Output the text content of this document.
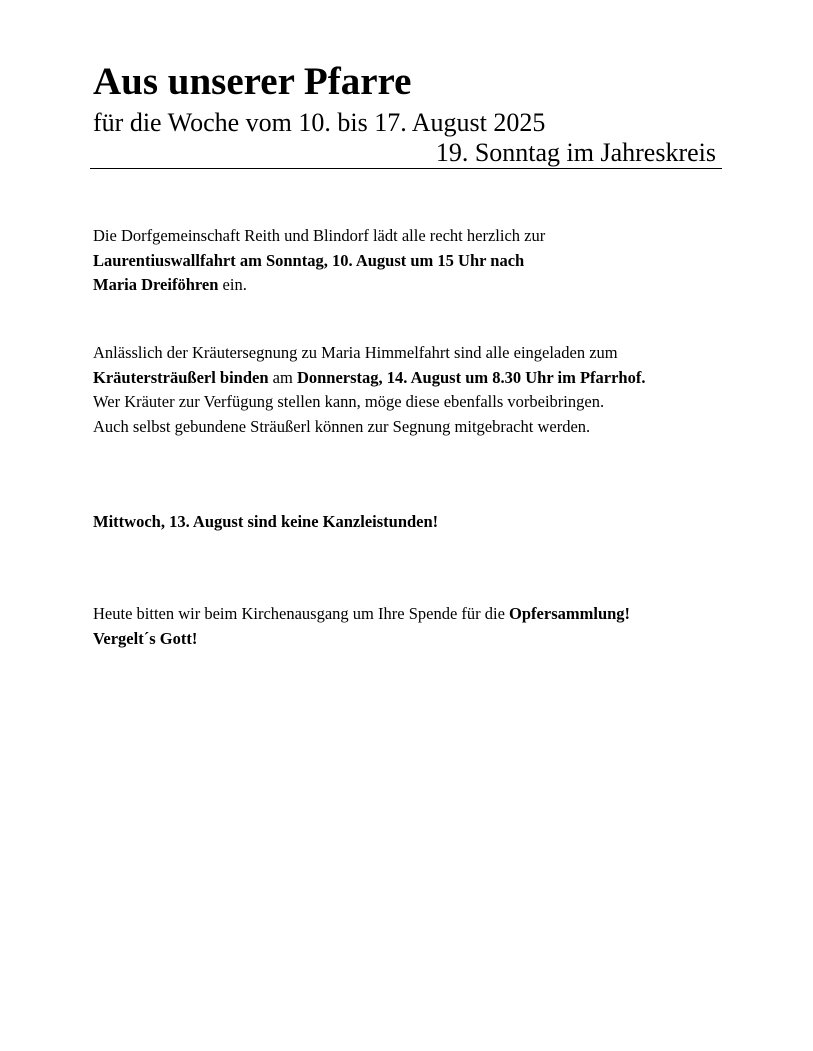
Aus unserer Pfarre

für die Woche vom 10. bis 17. August 2025

19. Sonntag im Jahreskreis

Die Dorfgemeinschaft Reith und Blindorf lädt alle recht herzlich zur
Laurentiuswallfahrt am Sonntag, 10. August um 15 Uhr nach
Maria Dreiföhren ein.

Anlässlich der Kräutersegnung zu Maria Himmelfahrt sind alle eingeladen zum
Kräutersträußerl binden am Donnerstag, 14. August um 8.30 Uhr im Pfarrhof.
Wer Kräuter zur Verfügung stellen kann, möge diese ebenfalls vorbeibringen.
Auch selbst gebundene Sträußerl können zur Segnung mitgebracht werden.

Mittwoch, 13. August sind keine Kanzleistunden!

Heute bitten wir beim Kirchenausgang um Ihre Spende für die Opfersammlung!
Vergelt´s Gott!
